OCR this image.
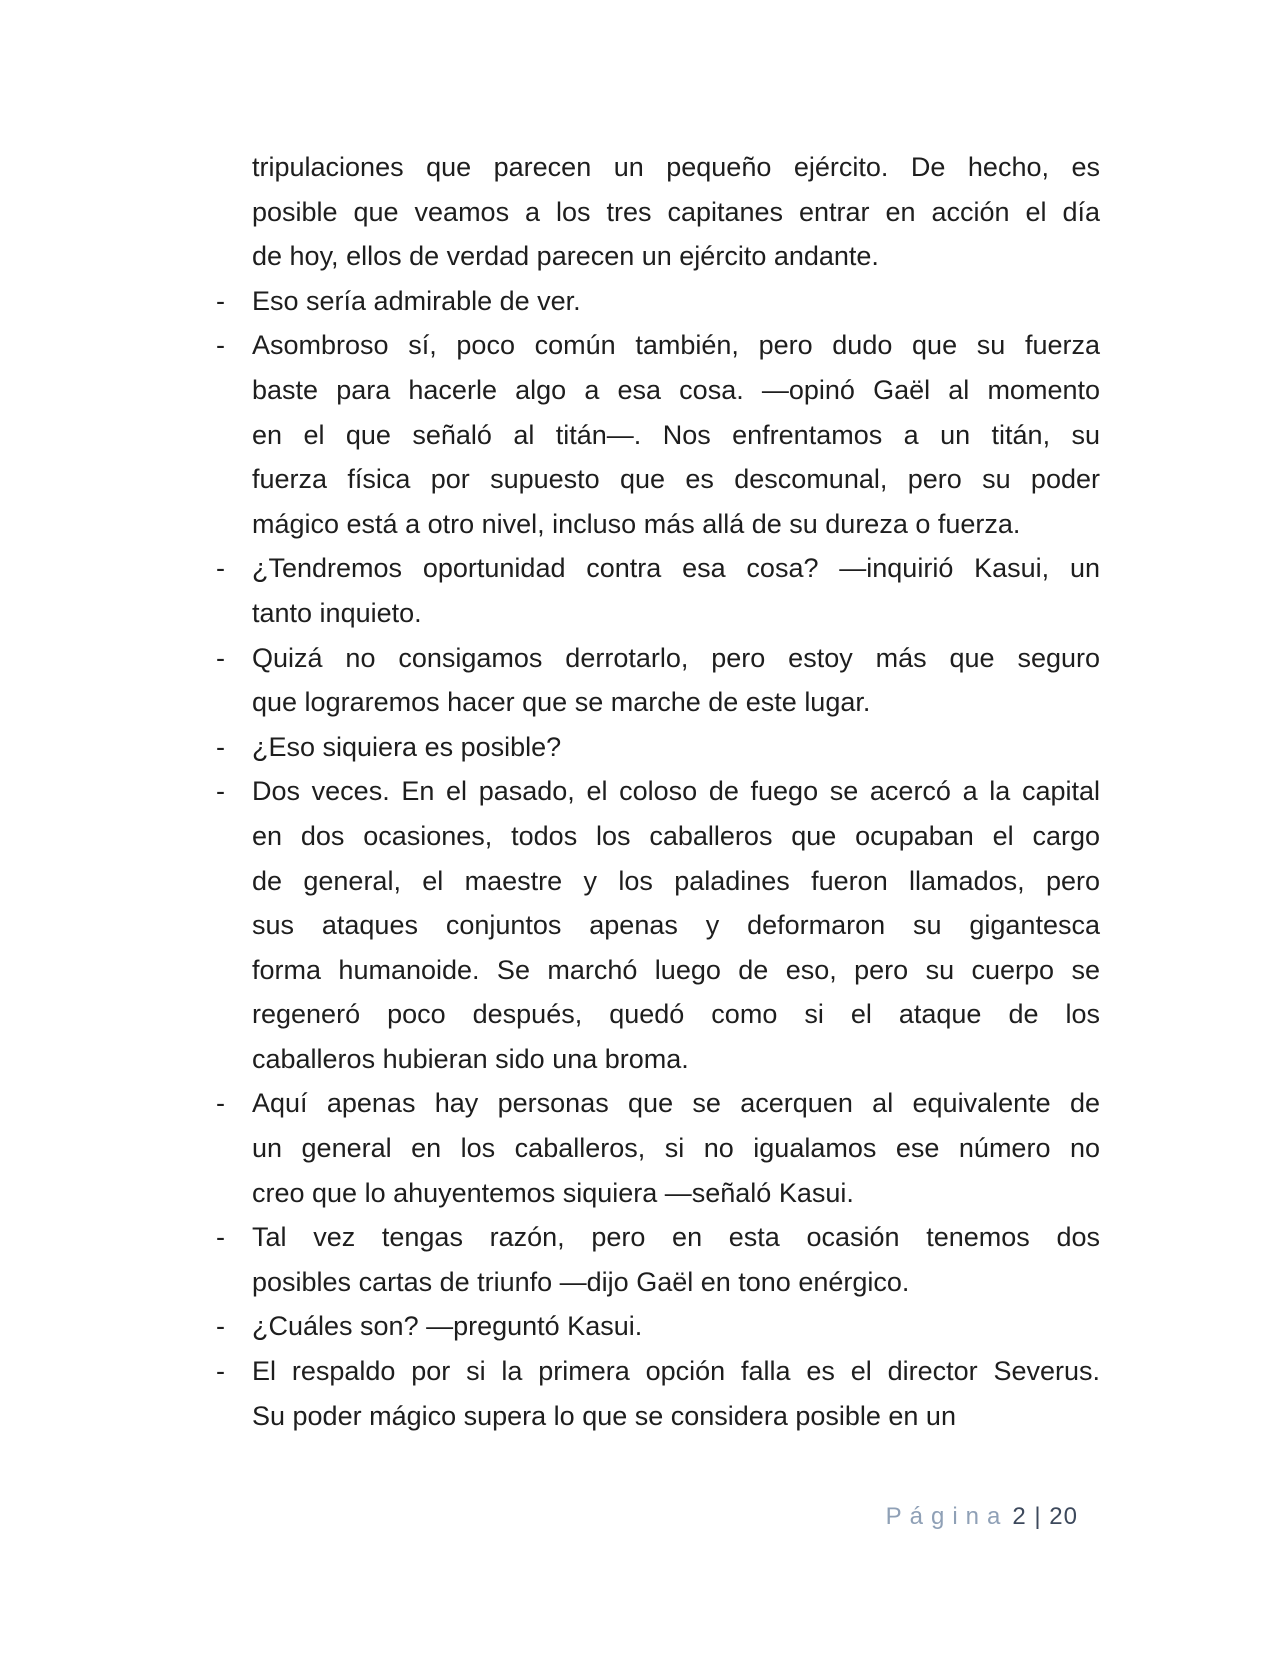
tripulaciones que parecen un pequeño ejército. De hecho, es
posible que veamos a los tres capitanes entrar en acción el día
de hoy, ellos de verdad parecen un ejército andante.
-	Eso sería admirable de ver.
-	Asombroso sí, poco común también, pero dudo que su fuerza
baste para hacerle algo a esa cosa. —opinó Gaël al momento
en el que señaló al titán—. Nos enfrentamos a un titán, su
fuerza física por supuesto que es descomunal, pero su poder
mágico está a otro nivel, incluso más allá de su dureza o fuerza.
-	¿Tendremos oportunidad contra esa cosa? —inquirió Kasui, un
tanto inquieto.
-	Quizá no consigamos derrotarlo, pero estoy más que seguro
que lograremos hacer que se marche de este lugar.
-	¿Eso siquiera es posible?
-	Dos veces. En el pasado, el coloso de fuego se acercó a la capital
en dos ocasiones, todos los caballeros que ocupaban el cargo
de general, el maestre y los paladines fueron llamados, pero
sus ataques conjuntos apenas y deformaron su gigantesca
forma humanoide. Se marchó luego de eso, pero su cuerpo se
regeneró poco después, quedó como si el ataque de los
caballeros hubieran sido una broma.
-	Aquí apenas hay personas que se acerquen al equivalente de
un general en los caballeros, si no igualamos ese número no
creo que lo ahuyentemos siquiera —señaló Kasui.
-	Tal vez tengas razón, pero en esta ocasión tenemos dos
posibles cartas de triunfo —dijo Gaël en tono enérgico.
-	¿Cuáles son? —preguntó Kasui.
-	El respaldo por si la primera opción falla es el director Severus.
Su poder mágico supera lo que se considera posible en un
Página 2 | 20
